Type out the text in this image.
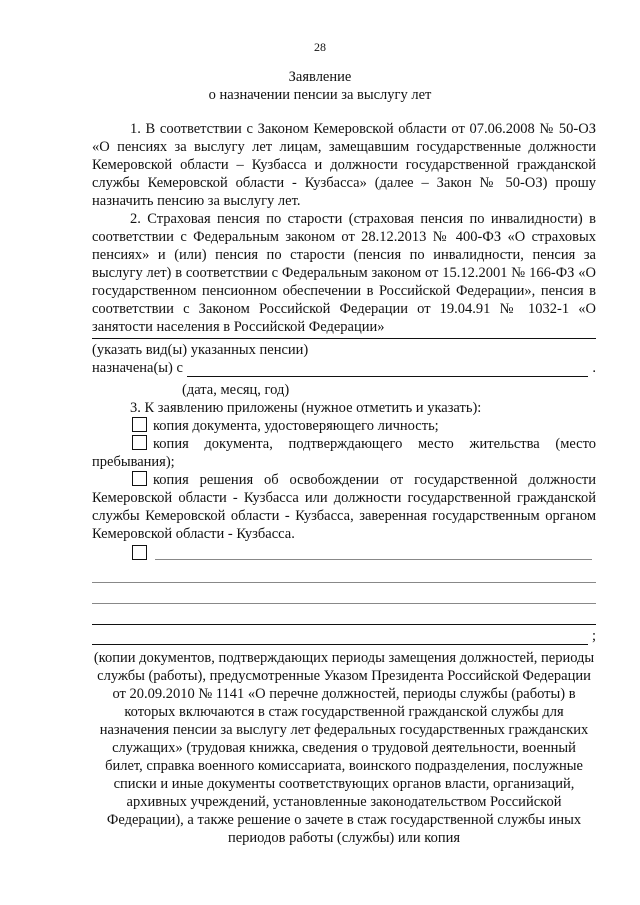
28
Заявление
о назначении пенсии за выслугу лет

1. В соответствии с Законом Кемеровской области от 07.06.2008 № 50-ОЗ «О пенсиях за выслугу лет лицам, замещавшим государственные должности Кемеровской области – Кузбасса и должности государственной гражданской службы Кемеровской области - Кузбасса» (далее – Закон № 50-ОЗ) прошу назначить пенсию за выслугу лет.

2. Страховая пенсия по старости (страховая пенсия по инвалидности) в соответствии с Федеральным законом от 28.12.2013 № 400-ФЗ «О страховых пенсиях» и (или) пенсия по старости (пенсия по инвалидности, пенсия за выслугу лет) в соответствии с Федеральным законом от 15.12.2001 № 166-ФЗ «О государственном пенсионном обеспечении в Российской Федерации», пенсия в соответствии с Законом Российской Федерации от 19.04.91 № 1032-1 «О занятости населения в Российской Федерации»

(указать вид(ы) указанных пенсии)

назначена(ы) с	.

(дата, месяц, год)

3. К заявлению приложены (нужное отметить и указать):

копия документа, удостоверяющего личность;

копия документа, подтверждающего место жительства (место пребывания);

копия решения об освобождении от государственной должности Кемеровской области - Кузбасса или должности государственной гражданской службы Кемеровской области - Кузбасса, заверенная государственным органом Кемеровской области - Кузбасса.

;

(копии документов, подтверждающих периоды замещения должностей, периоды службы (работы), предусмотренные Указом Президента Российской Федерации от 20.09.2010 № 1141 «О перечне должностей, периоды службы (работы) в которых включаются в стаж государственной гражданской службы для назначения пенсии за выслугу лет федеральных государственных гражданских служащих» (трудовая книжка, сведения о трудовой деятельности, военный билет, справка военного комиссариата, воинского подразделения, послужные списки и иные документы соответствующих органов власти, организаций, архивных учреждений, установленные законодательством Российской Федерации), а также решение о зачете в стаж государственной службы иных периодов работы (службы) или копия
